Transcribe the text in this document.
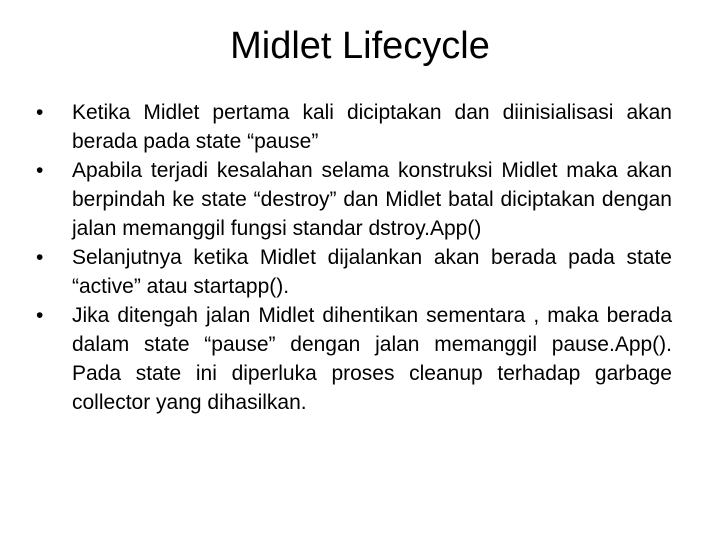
Midlet Lifecycle
•	Ketika Midlet pertama kali diciptakan dan diinisialisasi akan berada pada state “pause”
•	Apabila terjadi kesalahan selama konstruksi Midlet maka akan berpindah ke state “destroy” dan Midlet batal diciptakan dengan jalan memanggil fungsi standar dstroy.App()
•	Selanjutnya ketika Midlet dijalankan akan berada pada state “active” atau startapp().
•	Jika ditengah jalan Midlet dihentikan sementara , maka berada dalam state “pause” dengan jalan memanggil pause.App(). Pada state ini diperluka proses cleanup terhadap garbage collector yang dihasilkan.
